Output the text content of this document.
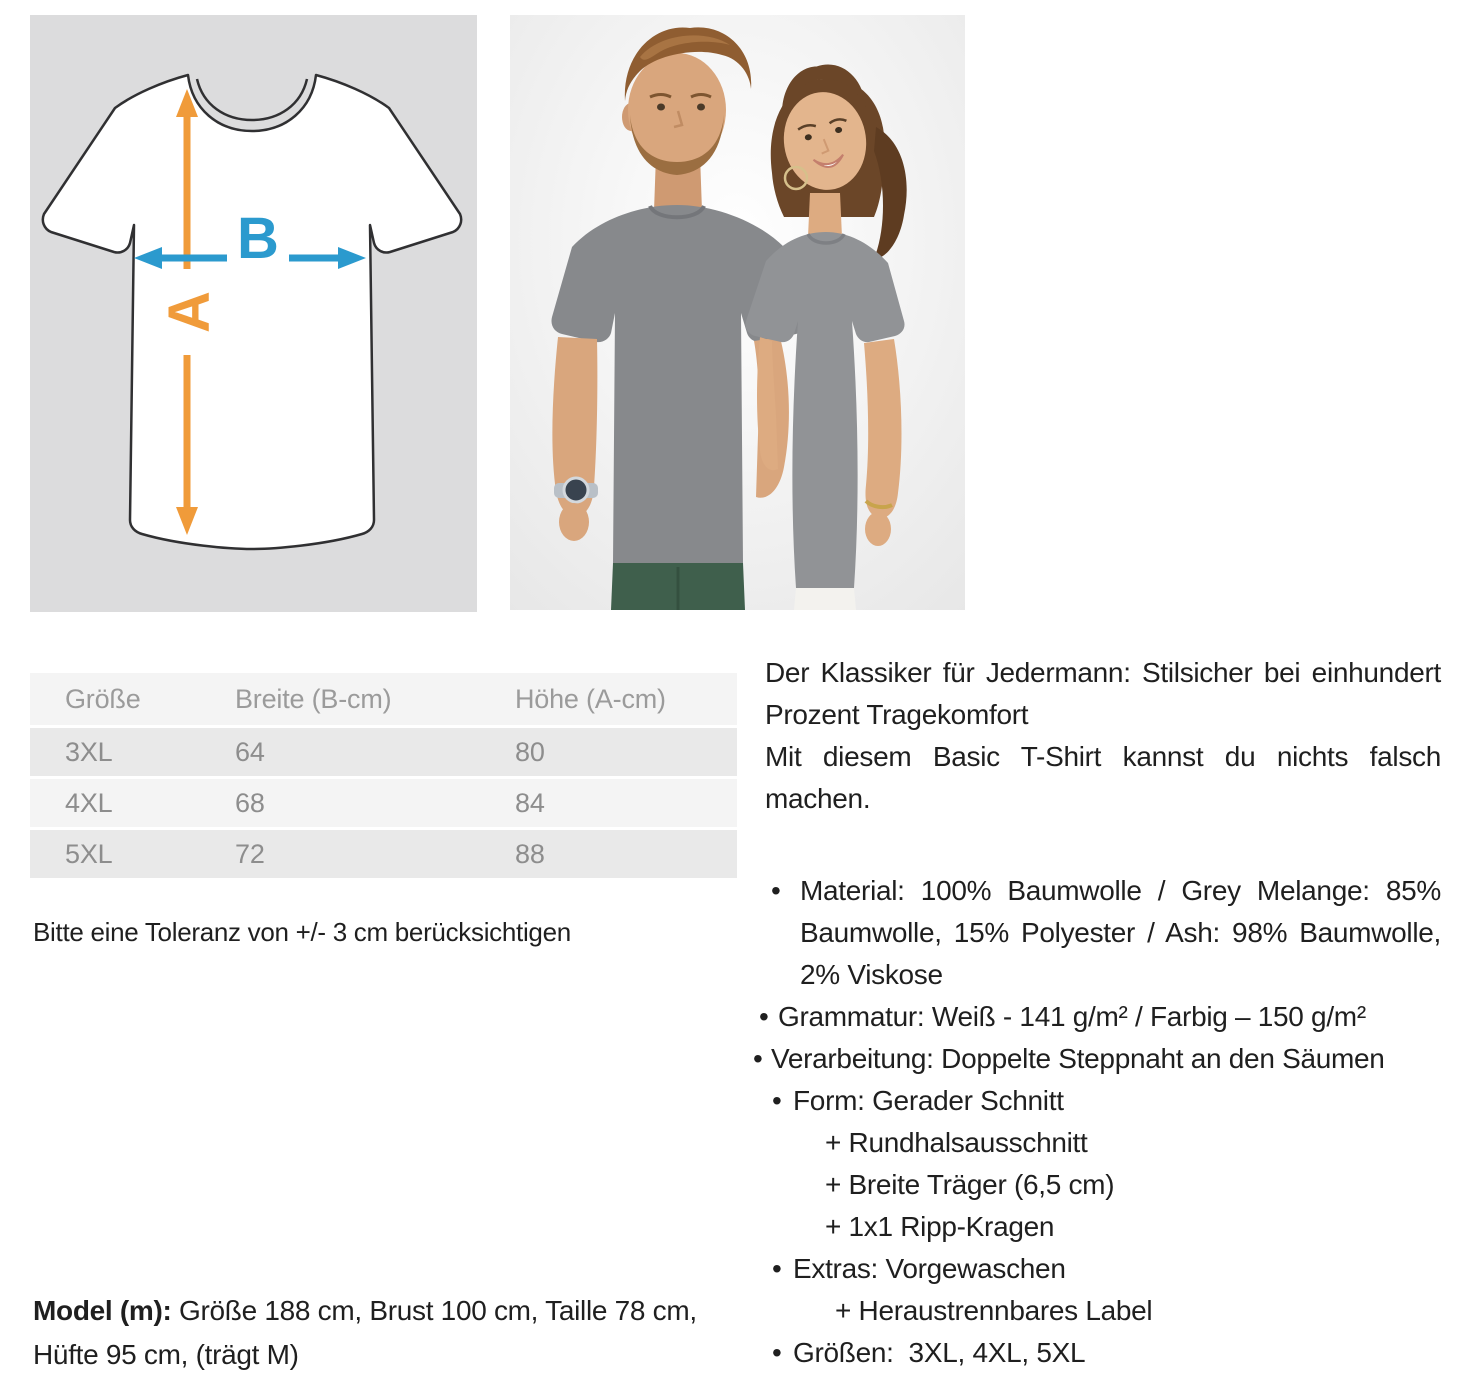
A
B
Größe	Breite (B-cm)	Höhe (A-cm)
3XL	64	80
4XL	68	84
5XL	72	88

Bitte eine Toleranz von +/- 3 cm berücksichtigen

Model (m): Größe 188 cm, Brust 100 cm, Taille 78 cm, Hüfte 95 cm, (trägt M)

Der Klassiker für Jedermann: Stilsicher bei einhundert
Prozent Tragekomfort
Mit diesem Basic T-Shirt kannst du nichts falsch
machen.
• Material: 100% Baumwolle / Grey Melange: 85%
Baumwolle, 15% Polyester / Ash: 98% Baumwolle,
2% Viskose
• Grammatur: Weiß - 141 g/m² / Farbig – 150 g/m²
• Verarbeitung: Doppelte Steppnaht an den Säumen
• Form: Gerader Schnitt
+ Rundhalsausschnitt
+ Breite Träger (6,5 cm)
+ 1x1 Ripp-Kragen
• Extras: Vorgewaschen
+ Heraustrennbares Label
• Größen:  3XL, 4XL, 5XL
